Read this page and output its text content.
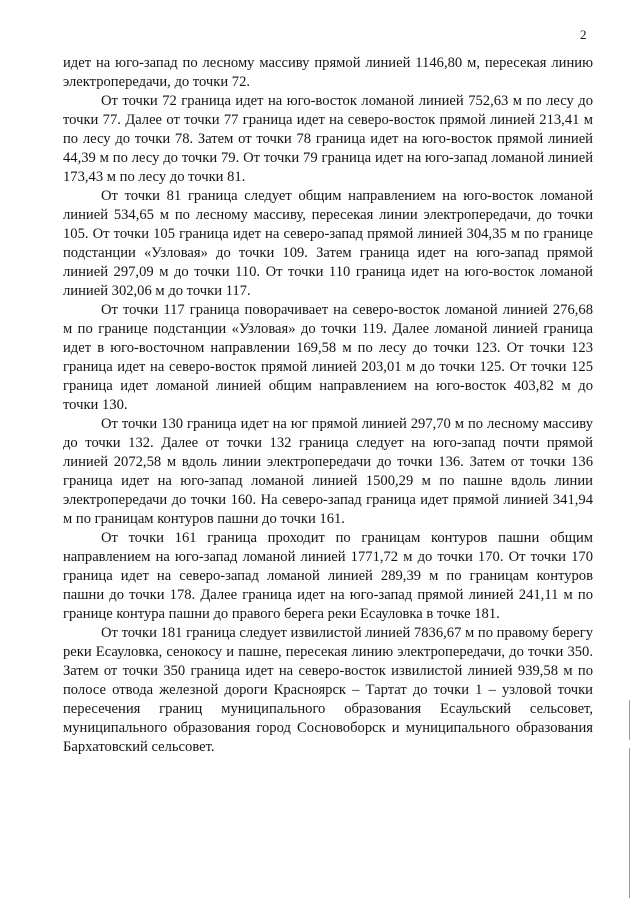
2

идет на юго-запад по лесному массиву прямой линией 1146,80 м, пересекая линию электропередачи, до точки 72.

От точки 72 граница идет на юго-восток ломаной линией 752,63 м по лесу до точки 77. Далее от точки 77 граница идет на северо-восток прямой линией 213,41 м по лесу до точки 78. Затем от точки 78 граница идет на юго-восток прямой линией 44,39 м по лесу до точки 79. От точки 79 граница идет на юго-запад ломаной линией 173,43 м по лесу до точки 81.

От точки 81 граница следует общим направлением на юго-восток ломаной линией 534,65 м по лесному массиву, пересекая линии электропередачи, до точки 105. От точки 105 граница идет на северо-запад прямой линией 304,35 м по границе подстанции «Узловая» до точки 109. Затем граница идет на юго-запад прямой линией 297,09 м до точки 110. От точки 110 граница идет на юго-восток ломаной линией 302,06 м до точки 117.

От точки 117 граница поворачивает на северо-восток ломаной линией 276,68 м по границе подстанции «Узловая» до точки 119. Далее ломаной линией граница идет в юго-восточном направлении 169,58 м по лесу до точки 123. От точки 123 граница идет на северо-восток прямой линией 203,01 м до точки 125. От точки 125 граница идет ломаной линией общим направлением на юго-восток 403,82 м до точки 130.

От точки 130 граница идет на юг прямой линией 297,70 м по лесному массиву до точки 132. Далее от точки 132 граница следует на юго-запад почти прямой линией 2072,58 м вдоль линии электропередачи до точки 136. Затем от точки 136 граница идет на юго-запад ломаной линией 1500,29 м по пашне вдоль линии электропередачи до точки 160. На северо-запад граница идет прямой линией 341,94 м по границам контуров пашни до точки 161.

От точки 161 граница проходит по границам контуров пашни общим направлением на юго-запад ломаной линией 1771,72 м до точки 170. От точки 170 граница идет на северо-запад ломаной линией 289,39 м по границам контуров пашни до точки 178. Далее граница идет на юго-запад прямой линией 241,11 м по границе контура пашни до правого берега реки Есауловка в точке 181.

От точки 181 граница следует извилистой линией 7836,67 м по правому берегу реки Есауловка, сенокосу и пашне, пересекая линию электропередачи, до точки 350. Затем от точки 350 граница идет на северо-восток извилистой линией 939,58 м по полосе отвода железной дороги Красноярск – Тартат до точки 1 – узловой точки пересечения границ муниципального образования Есаульский сельсовет, муниципального образования город Сосновоборск и муниципального образования Бархатовский сельсовет.
